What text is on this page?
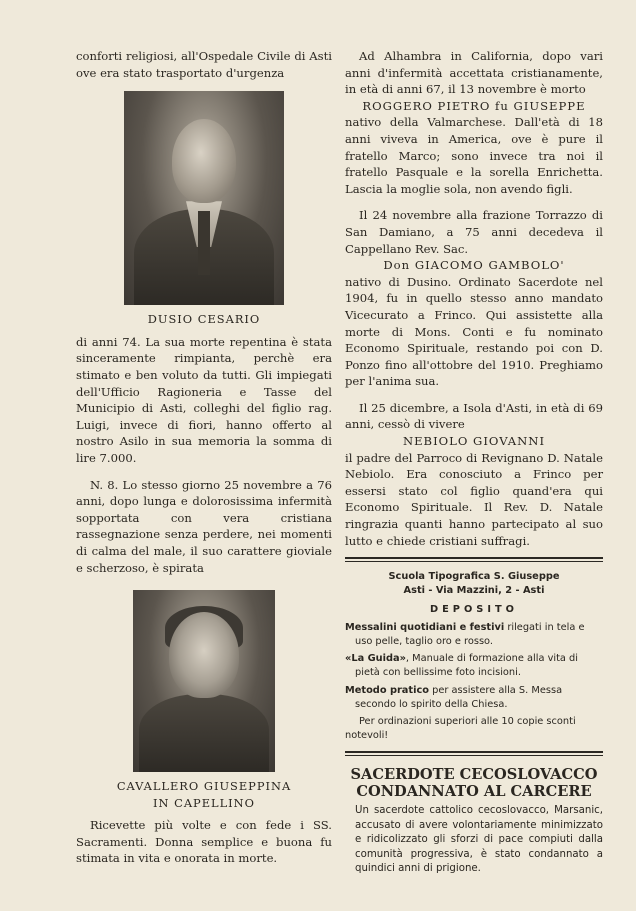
conforti religiosi, all'Ospedale Civile di Asti ove era stato trasportato d'urgenza

DUSIO CESARIO

di anni 74. La sua morte repentina è stata sinceramente rimpianta, perchè era stimato e ben voluto da tutti. Gli impiegati dell'Ufficio Ragioneria e Tasse del Municipio di Asti, colleghi del figlio rag. Luigi, invece di fiori, hanno offerto al nostro Asilo in sua memoria la somma di lire 7.000.

N. 8. Lo stesso giorno 25 novembre a 76 anni, dopo lunga e dolorosissima infermità sopportata con vera cristiana rassegnazione senza perdere, nei momenti di calma del male, il suo carattere gioviale e scherzoso, è spirata

CAVALLERO GIUSEPPINA
IN CAPELLINO

Ricevette più volte e con fede i SS. Sacramenti. Donna semplice e buona fu stimata in vita e onorata in morte.

Ad Alhambra in California, dopo vari anni d'infermità accettata cristianamente, in età di anni 67, il 13 novembre è morto

ROGGERO PIETRO fu GIUSEPPE

nativo della Valmarchese. Dall'età di 18 anni viveva in America, ove è pure il fratello Marco; sono invece tra noi il fratello Pasquale e la sorella Enrichetta. Lascia la moglie sola, non avendo figli.

Il 24 novembre alla frazione Torrazzo di San Damiano, a 75 anni decedeva il Cappellano Rev. Sac.

Don GIACOMO GAMBOLO'

nativo di Dusino. Ordinato Sacerdote nel 1904, fu in quello stesso anno mandato Vicecurato a Frinco. Qui assistette alla morte di Mons. Conti e fu nominato Economo Spirituale, restando poi con D. Ponzo fino all'ottobre del 1910. Preghiamo per l'anima sua.

Il 25 dicembre, a Isola d'Asti, in età di 69 anni, cessò di vivere

NEBIOLO GIOVANNI

il padre del Parroco di Revignano D. Natale Nebiolo. Era conosciuto a Frinco per essersi stato col figlio quand'era qui Economo Spirituale. Il Rev. D. Natale ringrazia quanti hanno partecipato al suo lutto e chiede cristiani suffragi.

Scuola Tipografica S. Giuseppe
Asti - Via Mazzini, 2 - Asti
DEPOSITO

Messalini quotidiani e festivi rilegati in tela e uso pelle, taglio oro e rosso.

«La Guida», Manuale di formazione alla vita di pietà con bellissime foto incisioni.

Metodo pratico per assistere alla S. Messa secondo lo spirito della Chiesa.

Per ordinazioni superiori alle 10 copie sconti notevoli!

SACERDOTE CECOSLOVACCO
CONDANNATO AL CARCERE

Un sacerdote cattolico cecoslovacco, Marsanic, accusato di avere volontariamente minimizzato e ridicolizzato gli sforzi di pace compiuti dalla comunità progressiva, è stato condannato a quindici anni di prigione.
